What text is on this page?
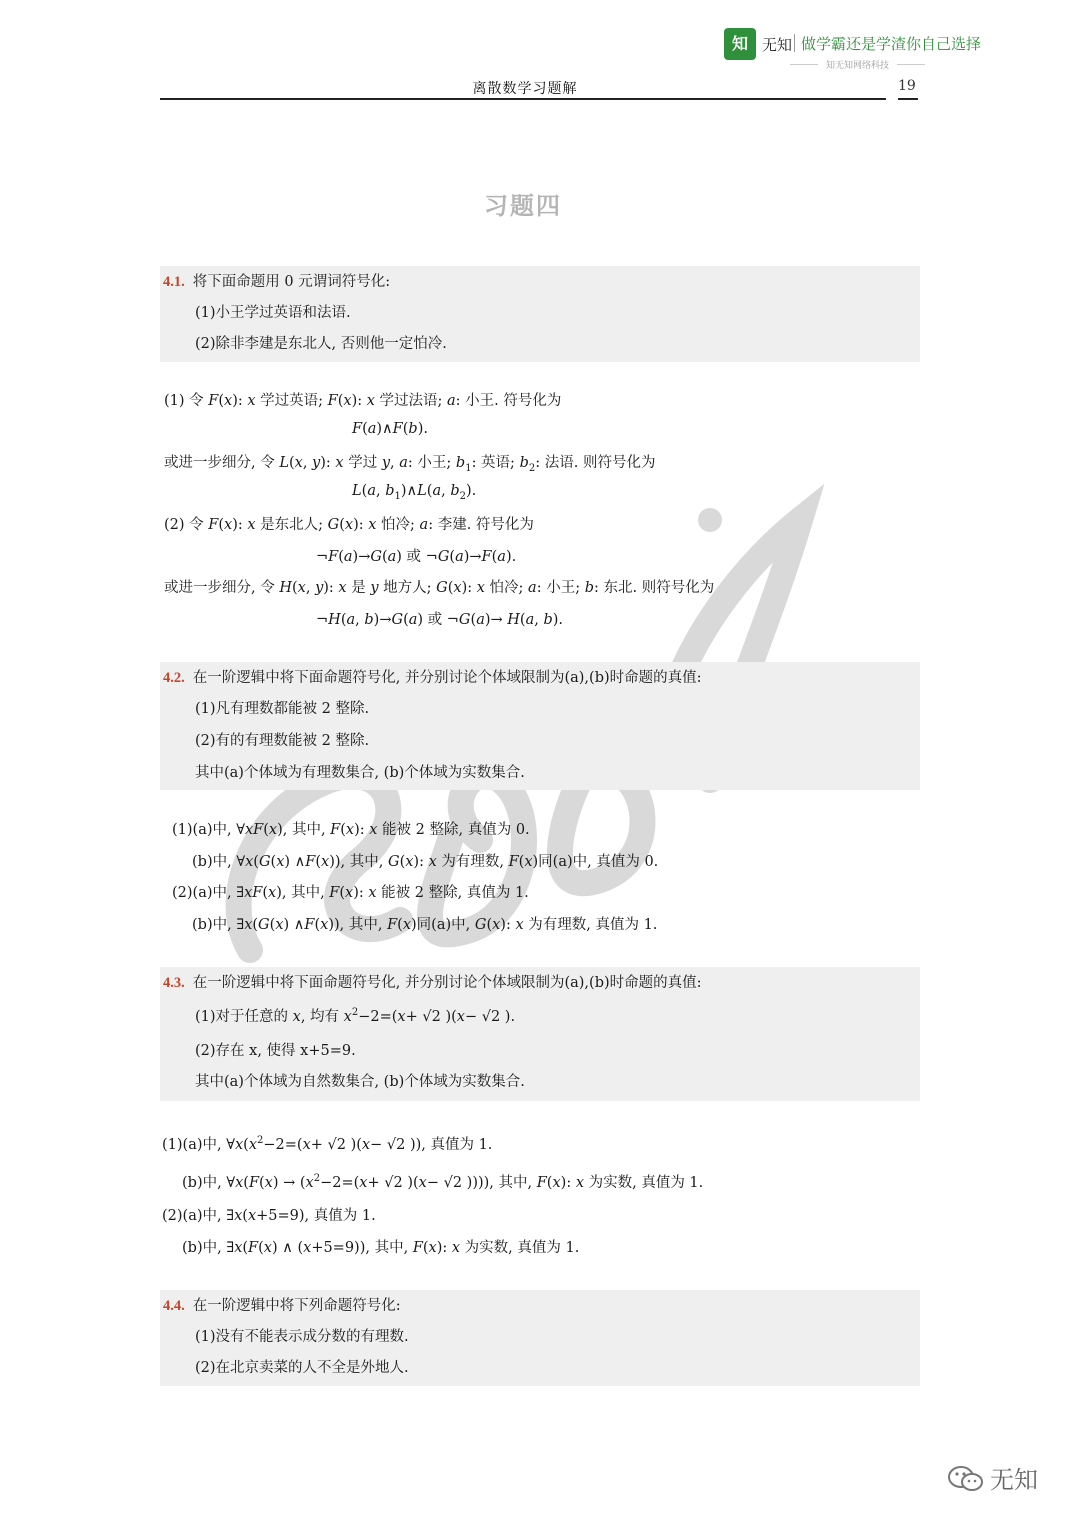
知 无知 做学霸还是学渣你自己选择
知无知网络科技
离散数学习题解	19
习题四
4.1. 将下面命题用 0 元谓词符号化:
(1)小王学过英语和法语.
(2)除非李建是东北人, 否则他一定怕冷.
(1) 令 F(x): x 学过英语; F(x): x 学过法语; a: 小王. 符号化为
F(a)∧F(b).
或进一步细分, 令 L(x, y): x 学过 y, a: 小王; $b_1$: 英语; $b_2$: 法语. 则符号化为
L(a, $b_1)\wedge L(a$, $b_2$).
(2) 令 F(x): x 是东北人; G(x): x 怕冷; a: 李建. 符号化为
¬F(a)→G(a) 或 ¬G(a)→F(a).
或进一步细分, 令 H(x, y): x 是 y 地方人; G(x): x 怕冷; a: 小王; b: 东北. 则符号化为
¬H(a, b)→G(a) 或 ¬G(a)→ H(a, b).
4.2. 在一阶逻辑中将下面命题符号化, 并分别讨论个体域限制为(a),(b)时命题的真值:
(1)凡有理数都能被 2 整除.
(2)有的有理数能被 2 整除.
其中(a)个体域为有理数集合, (b)个体域为实数集合.
(1)(a)中, ∀xF(x), 其中, F(x): x 能被 2 整除, 真值为 0.
(b)中, ∀x(G(x) ∧F(x)), 其中, G(x): x 为有理数, F(x)同(a)中, 真值为 0.
(2)(a)中, ∃xF(x), 其中, F(x): x 能被 2 整除, 真值为 1.
(b)中, ∃x(G(x) ∧F(x)), 其中, F(x)同(a)中, G(x): x 为有理数, 真值为 1.
4.3. 在一阶逻辑中将下面命题符号化, 并分别讨论个体域限制为(a),(b)时命题的真值:
(1)对于任意的 x, 均有 $x^2-2=(x+ √2$ )(x− √2 ).
(2)存在 x, 使得 x+5=9.
其中(a)个体域为自然数集合, (b)个体域为实数集合.
(1)(a)中, $\forall x(x^2-2=(x+ √2$ )(x− √2 )), 真值为 1.
(b)中, ∀x(F(x) → ($x^2-2=(x+ √2$ )(x− √2 )))), 其中, F(x): x 为实数, 真值为 1.
(2)(a)中, ∃x(x+5=9), 真值为 1.
(b)中, ∃x(F(x) ∧ (x+5=9)), 其中, F(x): x 为实数, 真值为 1.
4.4. 在一阶逻辑中将下列命题符号化:
(1)没有不能表示成分数的有理数.
(2)在北京卖菜的人不全是外地人.
无知
